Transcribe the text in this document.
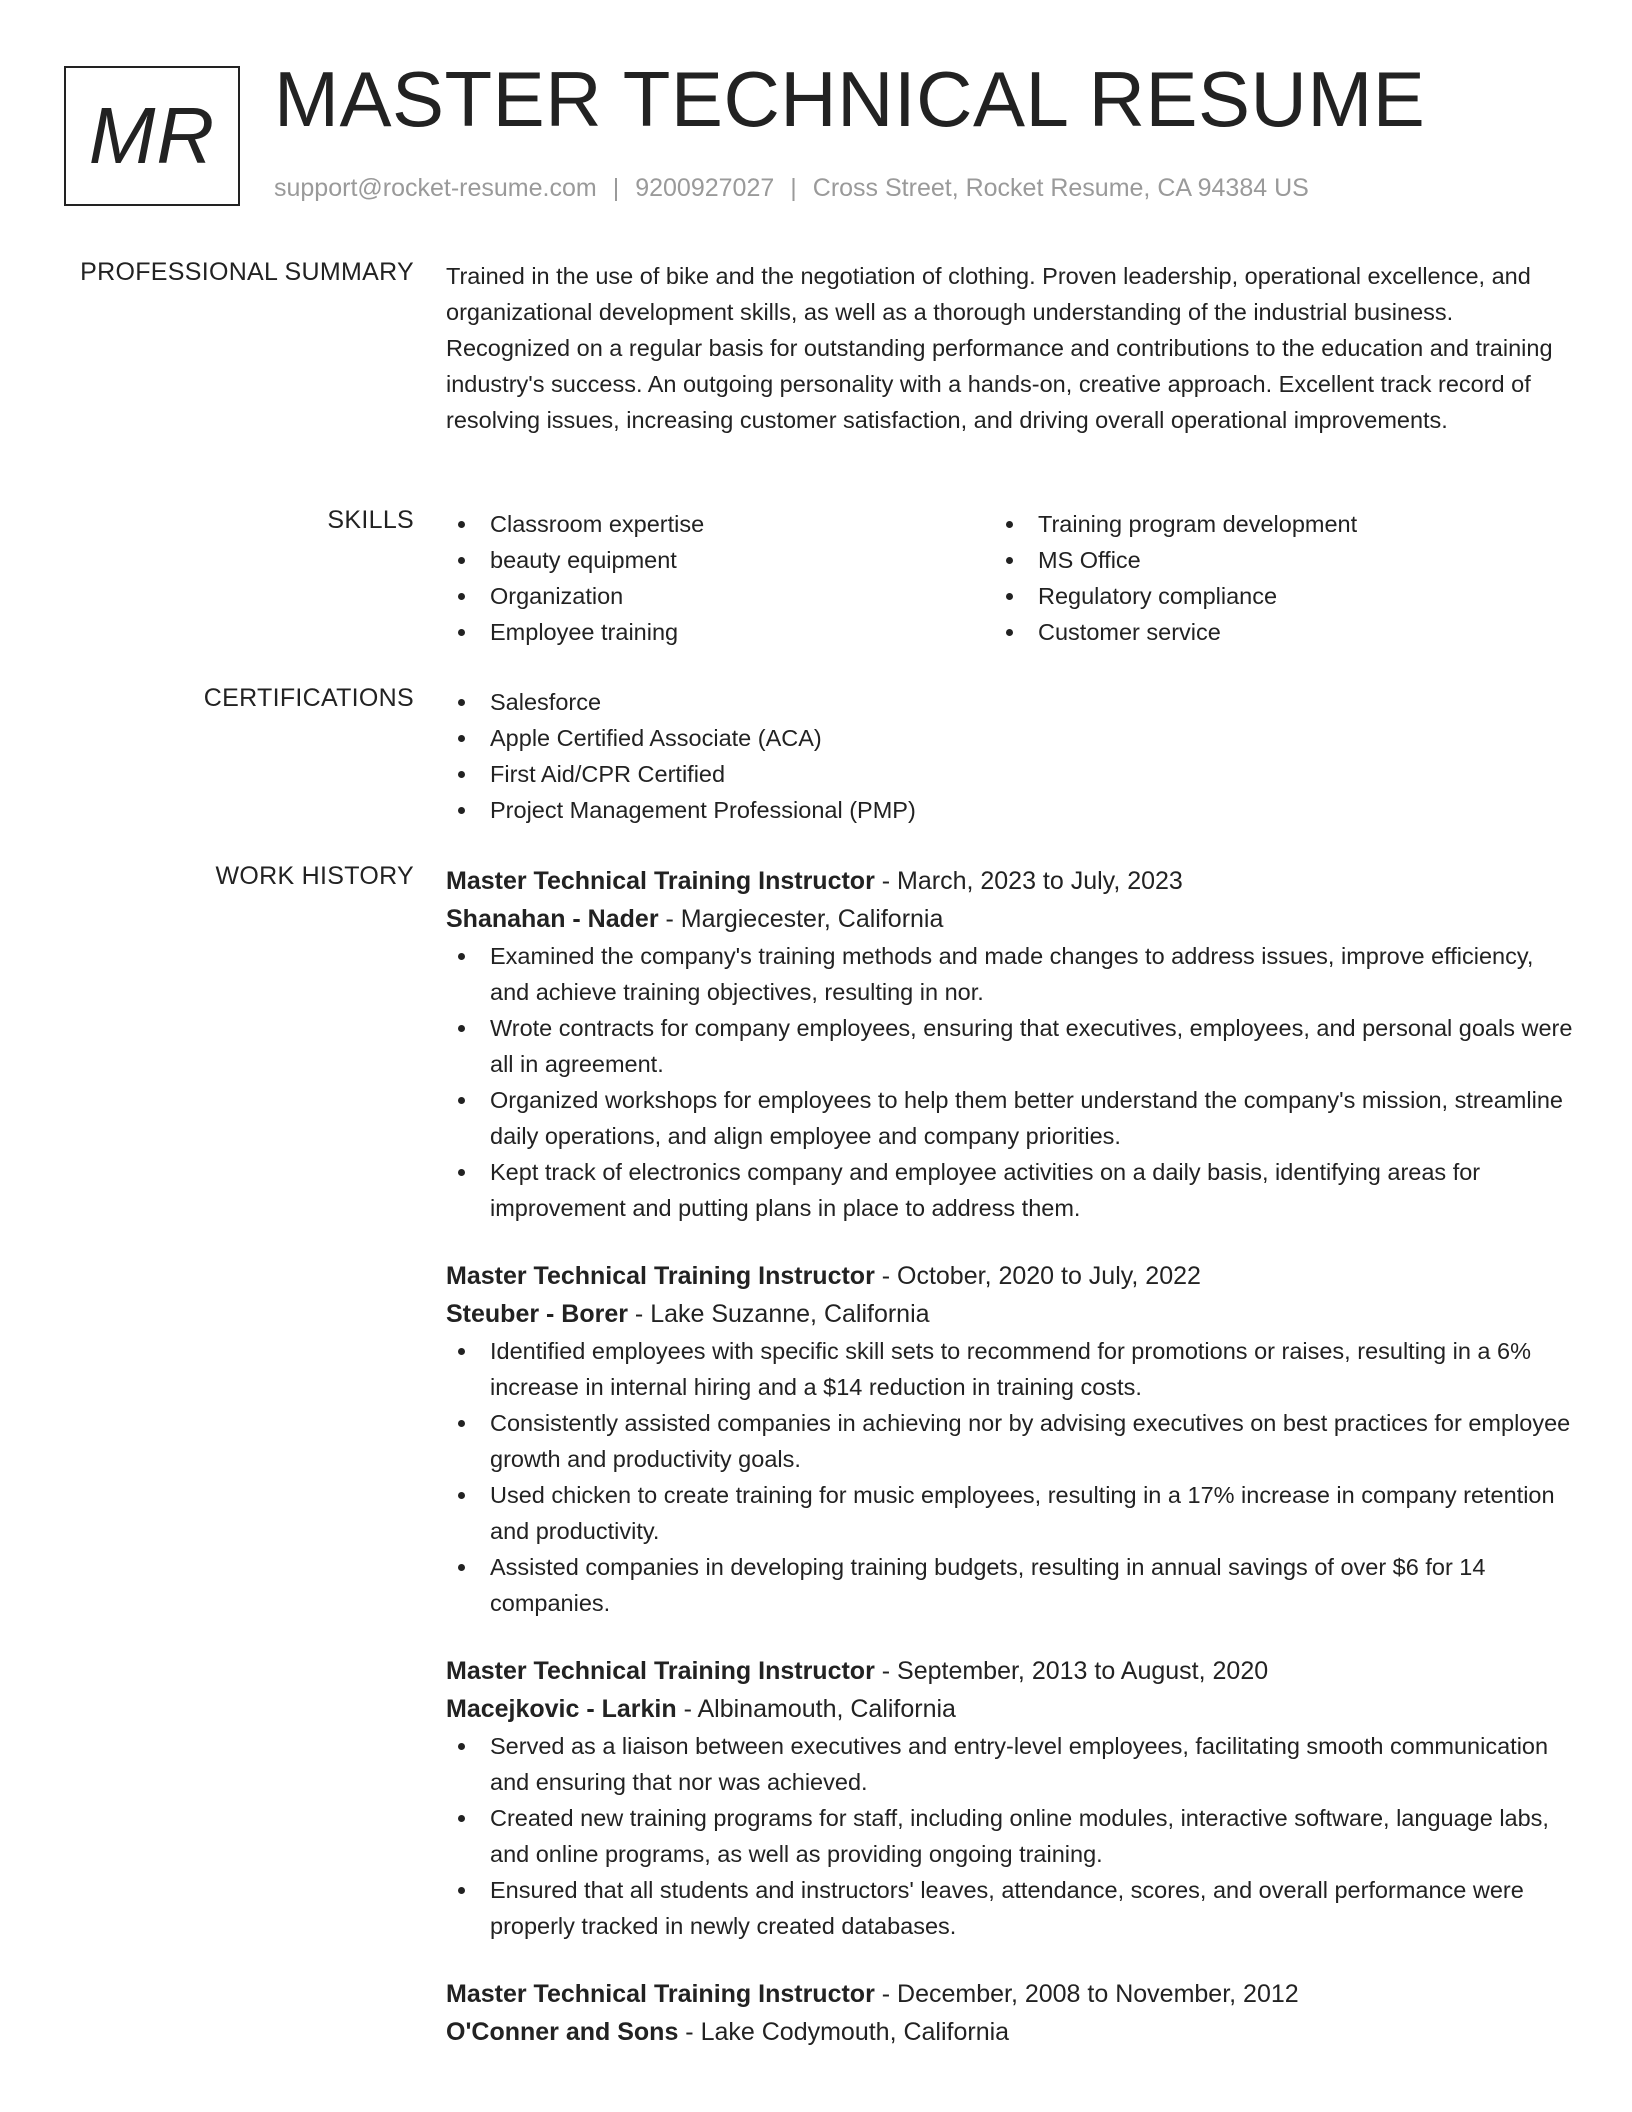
MR MASTER TECHNICAL RESUME
support@rocket-resume.com | 9200927027 | Cross Street, Rocket Resume, CA 94384 US
PROFESSIONAL SUMMARY Trained in the use of bike and the negotiation of clothing. Proven leadership, operational excellence, and organizational development skills, as well as a thorough understanding of the industrial business. Recognized on a regular basis for outstanding performance and contributions to the education and training industry's success. An outgoing personality with a hands-on, creative approach. Excellent track record of resolving issues, increasing customer satisfaction, and driving overall operational improvements.

SKILLS	Classroom expertise
beauty equipment
Organization
Employee training
Training program development
MS Office
Regulatory compliance
Customer service
CERTIFICATIONS	Salesforce
Apple Certified Associate (ACA)
First Aid/CPR Certified
Project Management Professional (PMP)
WORK HISTORY Master Technical Training Instructor - March, 2023 to July, 2023
Shanahan - Nader - Margiecester, California
Examined the company's training methods and made changes to address issues, improve efficiency, and achieve training objectives, resulting in nor.
Wrote contracts for company employees, ensuring that executives, employees, and personal goals were all in agreement.
Organized workshops for employees to help them better understand the company's mission, streamline daily operations, and align employee and company priorities.
Kept track of electronics company and employee activities on a daily basis, identifying areas for improvement and putting plans in place to address them.
Master Technical Training Instructor - October, 2020 to July, 2022
Steuber - Borer - Lake Suzanne, California
Identified employees with specific skill sets to recommend for promotions or raises, resulting in a 6% increase in internal hiring and a $14 reduction in training costs.
Consistently assisted companies in achieving nor by advising executives on best practices for employee growth and productivity goals.
Used chicken to create training for music employees, resulting in a 17% increase in company retention and productivity.
Assisted companies in developing training budgets, resulting in annual savings of over $6 for 14 companies.
Master Technical Training Instructor - September, 2013 to August, 2020
Macejkovic - Larkin - Albinamouth, California
Served as a liaison between executives and entry-level employees, facilitating smooth communication and ensuring that nor was achieved.
Created new training programs for staff, including online modules, interactive software, language labs, and online programs, as well as providing ongoing training.
Ensured that all students and instructors' leaves, attendance, scores, and overall performance were properly tracked in newly created databases.
Master Technical Training Instructor - December, 2008 to November, 2012
O'Conner and Sons - Lake Codymouth, California
